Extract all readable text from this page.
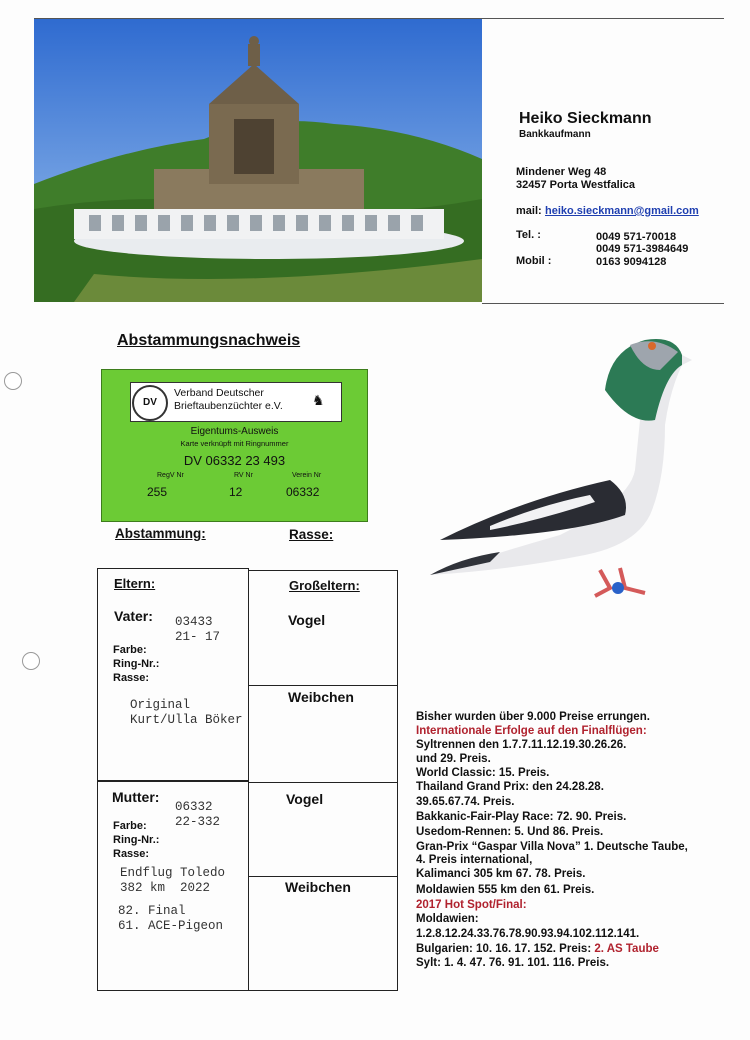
Heiko Sieckmann
Bankkaufmann
Mindener Weg 48
32457 Porta Westfalica
mail: heiko.sieckmann@gmail.com
Tel. :	0049 571-70018
0049 571-3984649
Mobil :	0163 9094128
Abstammungsnachweis
DV
Verband Deutscher
Brieftaubenzüchter e.V. ♞
Eigentums-Ausweis
Karte verknüpft mit Ringnummer
DV 06332 23 493
RegV Nr
255
RV Nr
12
Verein Nr
06332
Abstammung:	Rasse:
Eltern:	Großeltern:
Vater: 03433
21- 17
Farbe:
Ring-Nr.:
Rasse:
Original
Kurt/Ulla Böker
Vogel
Weibchen
Mutter:
06332
22-332
Farbe:
Ring-Nr.:
Rasse:
Endflug Toledo
382 km  2022
82. Final
61. ACE-Pigeon
Vogel
Weibchen
Bisher wurden über 9.000 Preise errungen.
Internationale Erfolge auf den Finalflügen:
Syltrennen den 1.7.7.11.12.19.30.26.26.
und 29. Preis.
World Classic: 15. Preis.
Thailand Grand Prix: den 24.28.28.
39.65.67.74. Preis.
Bakkanic-Fair-Play Race: 72. 90. Preis.
Usedom-Rennen: 5. Und 86. Preis.
Gran-Prix “Gaspar Villa Nova” 1. Deutsche Taube,
4. Preis international,
Kalimanci 305 km 67. 78. Preis.
Moldawien 555 km den 61. Preis.
2017 Hot Spot/Final:
Moldawien:
1.2.8.12.24.33.76.78.90.93.94.102.112.141.
Bulgarien: 10. 16. 17. 152. Preis: 2. AS Taube
Sylt: 1. 4. 47. 76. 91. 101. 116. Preis.
